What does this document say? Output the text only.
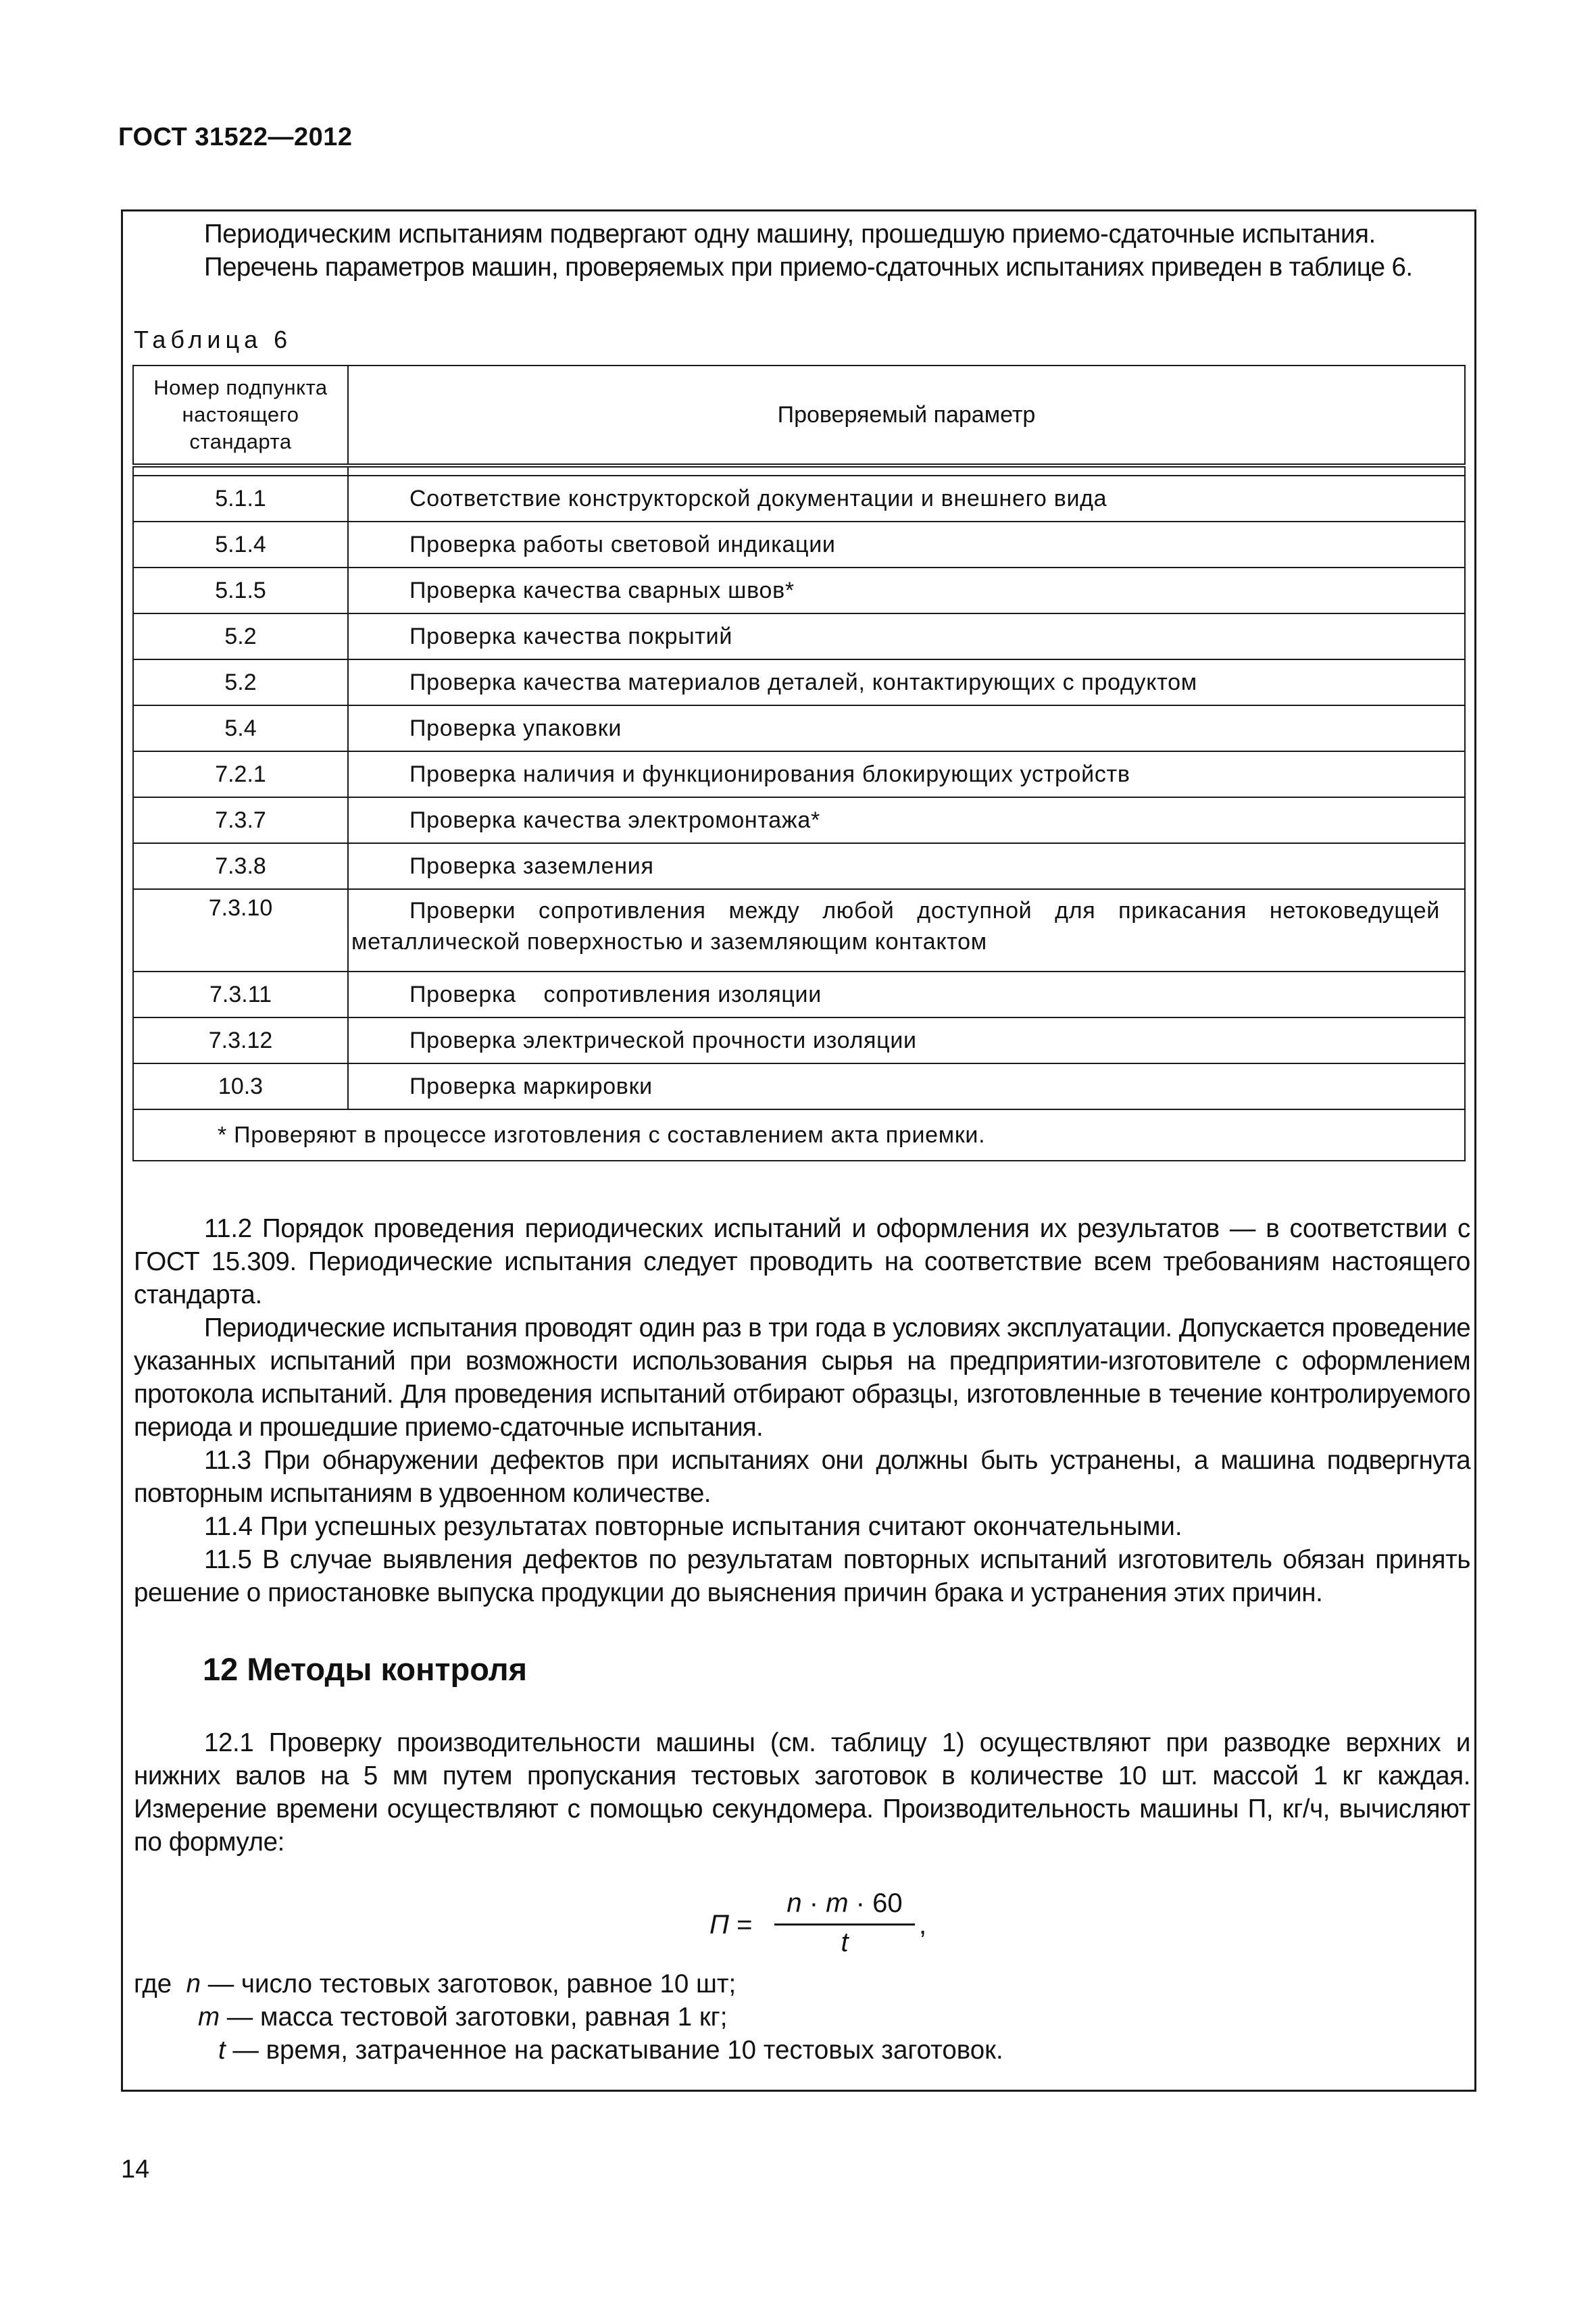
ГОСТ 31522—2012

Периодическим испытаниям подвергают одну машину, прошедшую приемо-сдаточные испытания.

Перечень параметров машин, проверяемых при приемо-сдаточных испытаниях приведен в таблице 6.

Таблица 6
Номер подпункта настоящего стандарта	Проверяемый параметр

5.1.1	Соответствие конструкторской документации и внешнего вида
5.1.4	Проверка работы световой индикации
5.1.5	Проверка качества сварных швов*
5.2	Проверка качества покрытий
5.2	Проверка качества материалов деталей, контактирующих с продуктом
5.4	Проверка упаковки
7.2.1	Проверка наличия и функционирования блокирующих устройств
7.3.7	Проверка качества электромонтажа*
7.3.8	Проверка заземления
7.3.10	Проверки сопротивления между любой доступной для прикасания нетоковедущей
металлической поверхностью и заземляющим контактом
7.3.11	Проверка    сопротивления изоляции
7.3.12	Проверка электрической прочности изоляции
10.3	Проверка маркировки
* Проверяют в процессе изготовления с составлением акта приемки.	

11.2 Порядок проведения периодических испытаний и оформления их результатов — в соответствии с ГОСТ 15.309. Периодические испытания следует проводить на соответствие всем требованиям настоящего стандарта.

Периодические испытания проводят один раз в три года в условиях эксплуатации. Допускается проведение указанных испытаний при возможности использования сырья на предприятии-изготовителе с оформлением протокола испытаний. Для проведения испытаний отбирают образцы, изготовленные в течение контролируемого периода и прошедшие приемо-сдаточные испытания.

11.3 При обнаружении дефектов при испытаниях они должны быть устранены, а машина подвергнута повторным испытаниям в удвоенном количестве.

11.4 При успешных результатах повторные испытания считают окончательными.

11.5 В случае выявления дефектов по результатам повторных испытаний изготовитель обязан принять решение о приостановке выпуска продукции до выяснения причин брака и устранения этих причин.

12 Методы контроля

12.1 Проверку производительности машины (см. таблицу 1) осуществляют при разводке верхних и нижних валов на 5 мм путем пропускания тестовых заготовок в количестве 10 шт. массой 1 кг каждая. Измерение времени осуществляют с помощью секундомера. Производительность машины П, кг/ч, вычисляют по формуле:

П =
n · m · 60
t
,
где n — число тестовых заготовок, равное 10 шт;
m — масса тестовой заготовки, равная 1 кг;
t — время, затраченное на раскатывание 10 тестовых заготовок.
14
